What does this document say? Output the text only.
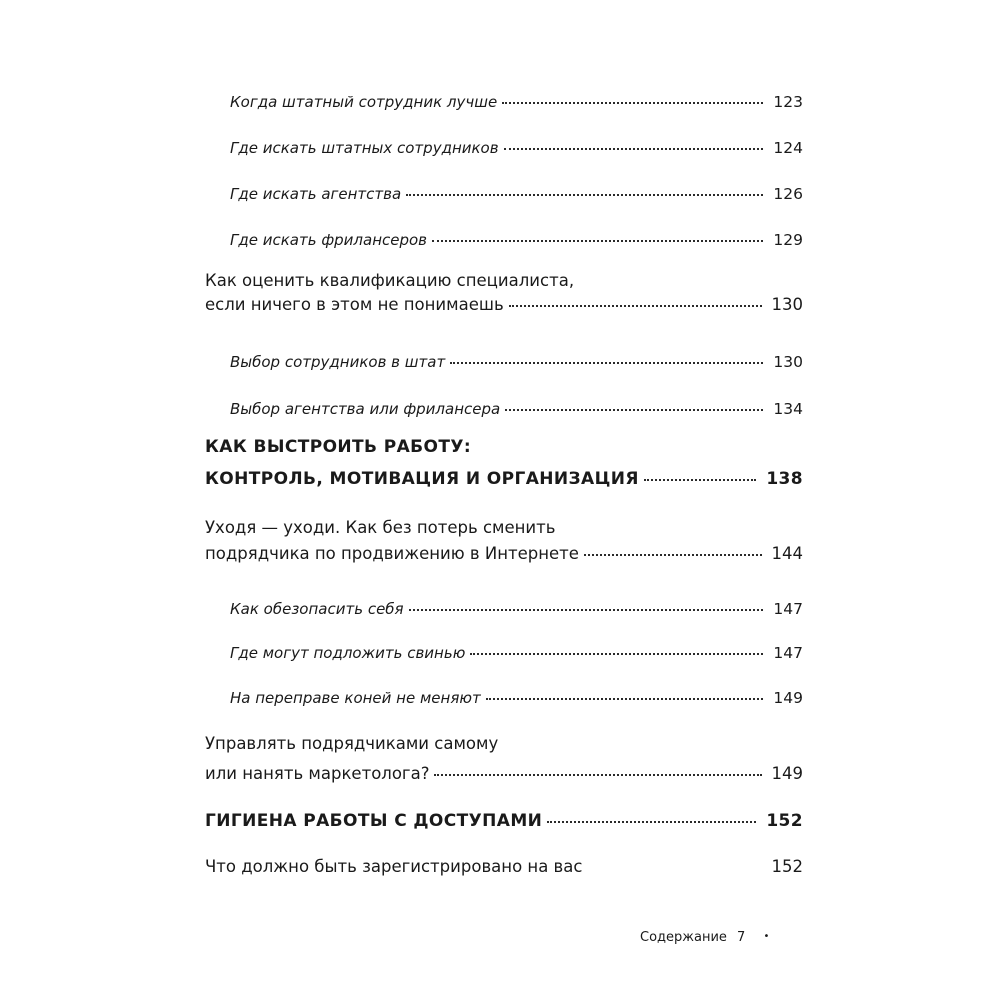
Когда штатный сотрудник лучше	123
Где искать штатных сотрудников	124
Где искать агентства	126
Где искать фрилансеров	129
Как оценить квалификацию специалиста,
если ничего в этом не понимаешь	130
Выбор сотрудников в штат	130
Выбор агентства или фрилансера	134
КАК ВЫСТРОИТЬ РАБОТУ:
КОНТРОЛЬ, МОТИВАЦИЯ И ОРГАНИЗАЦИЯ	138
Уходя — уходи. Как без потерь сменить
подрядчика по продвижению в Интернете	144
Как обезопасить себя	147
Где могут подложить свинью	147
На переправе коней не меняют	149
Управлять подрядчиками самому
или нанять маркетолога?	149
ГИГИЕНА РАБОТЫ С ДОСТУПАМИ	152
Что должно быть зарегистрировано на вас	152
Содержание 7 •
